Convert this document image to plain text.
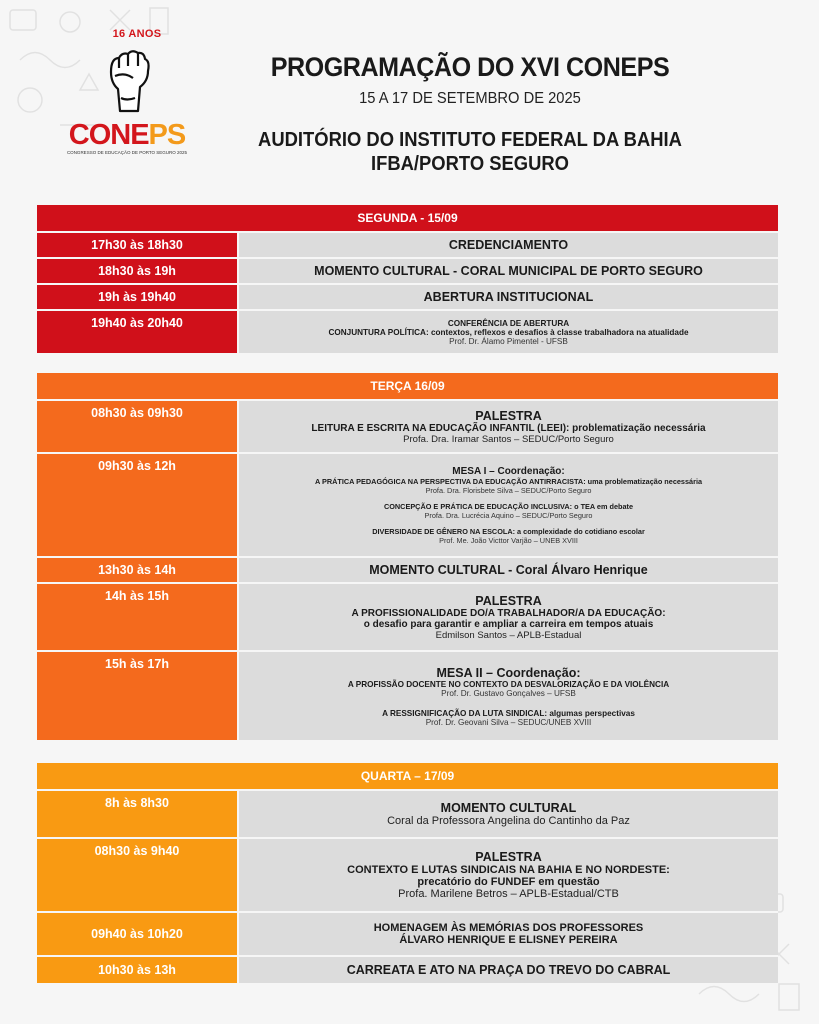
16 ANOS
CONEPS
CONGRESSO DE EDUCAÇÃO DE PORTO SEGURO 2025
PROGRAMAÇÃO DO XVI CONEPS
15 A 17 DE SETEMBRO DE 2025
AUDITÓRIO DO INSTITUTO FEDERAL DA BAHIA
IFBA/PORTO SEGURO
SEGUNDA - 15/09
17h30 às 18h30	CREDENCIAMENTO
18h30 às 19h	MOMENTO CULTURAL - CORAL MUNICIPAL DE PORTO SEGURO
19h às 19h40	ABERTURA INSTITUCIONAL
19h40 às 20h40	CONFERÊNCIA DE ABERTURA
CONJUNTURA POLÍTICA: contextos, reflexos e desafios à classe trabalhadora na atualidade
Prof. Dr. Álamo Pimentel - UFSB
TERÇA 16/09
08h30 às 09h30	PALESTRA
LEITURA E ESCRITA NA EDUCAÇÃO INFANTIL (LEEI): problematização necessária
Profa. Dra. Iramar Santos – SEDUC/Porto Seguro
09h30 às 12h	MESA I – Coordenação:
A PRÁTICA PEDAGÓGICA NA PERSPECTIVA DA EDUCAÇÃO ANTIRRACISTA: uma problematização necessária
Profa. Dra. Florisbete Silva – SEDUC/Porto Seguro
CONCEPÇÃO E PRÁTICA DE EDUCAÇÃO INCLUSIVA: o TEA em debate
Profa. Dra. Lucrécia Aquino – SEDUC/Porto Seguro
DIVERSIDADE DE GÊNERO NA ESCOLA: a complexidade do cotidiano escolar
Prof. Me. João Victtor Varjão – UNEB XVIII
13h30 às 14h	MOMENTO CULTURAL - Coral Álvaro Henrique
14h às 15h	PALESTRA
A PROFISSIONALIDADE DO/A TRABALHADOR/A DA EDUCAÇÃO:
o desafio para garantir e ampliar a carreira em tempos atuais
Edmilson Santos – APLB-Estadual
15h às 17h
MESA II – Coordenação:
A PROFISSÃO DOCENTE NO CONTEXTO DA DESVALORIZAÇÃO E DA VIOLÊNCIA
Prof. Dr. Gustavo Gonçalves – UFSB
A RESSIGNIFICAÇÃO DA LUTA SINDICAL: algumas perspectivas
Prof. Dr. Geovani Silva – SEDUC/UNEB XVIII
QUARTA – 17/09
8h às 8h30	MOMENTO CULTURAL
Coral da Professora Angelina do Cantinho da Paz
08h30 às 9h40	PALESTRA
CONTEXTO E LUTAS SINDICAIS NA BAHIA E NO NORDESTE:
precatório do FUNDEF em questão
Profa. Marilene Betros – APLB-Estadual/CTB
09h40 às 10h20	HOMENAGEM ÀS MEMÓRIAS DOS PROFESSORES
ÁLVARO HENRIQUE E ELISNEY PEREIRA
10h30 às 13h	CARREATA E ATO NA PRAÇA DO TREVO DO CABRAL
